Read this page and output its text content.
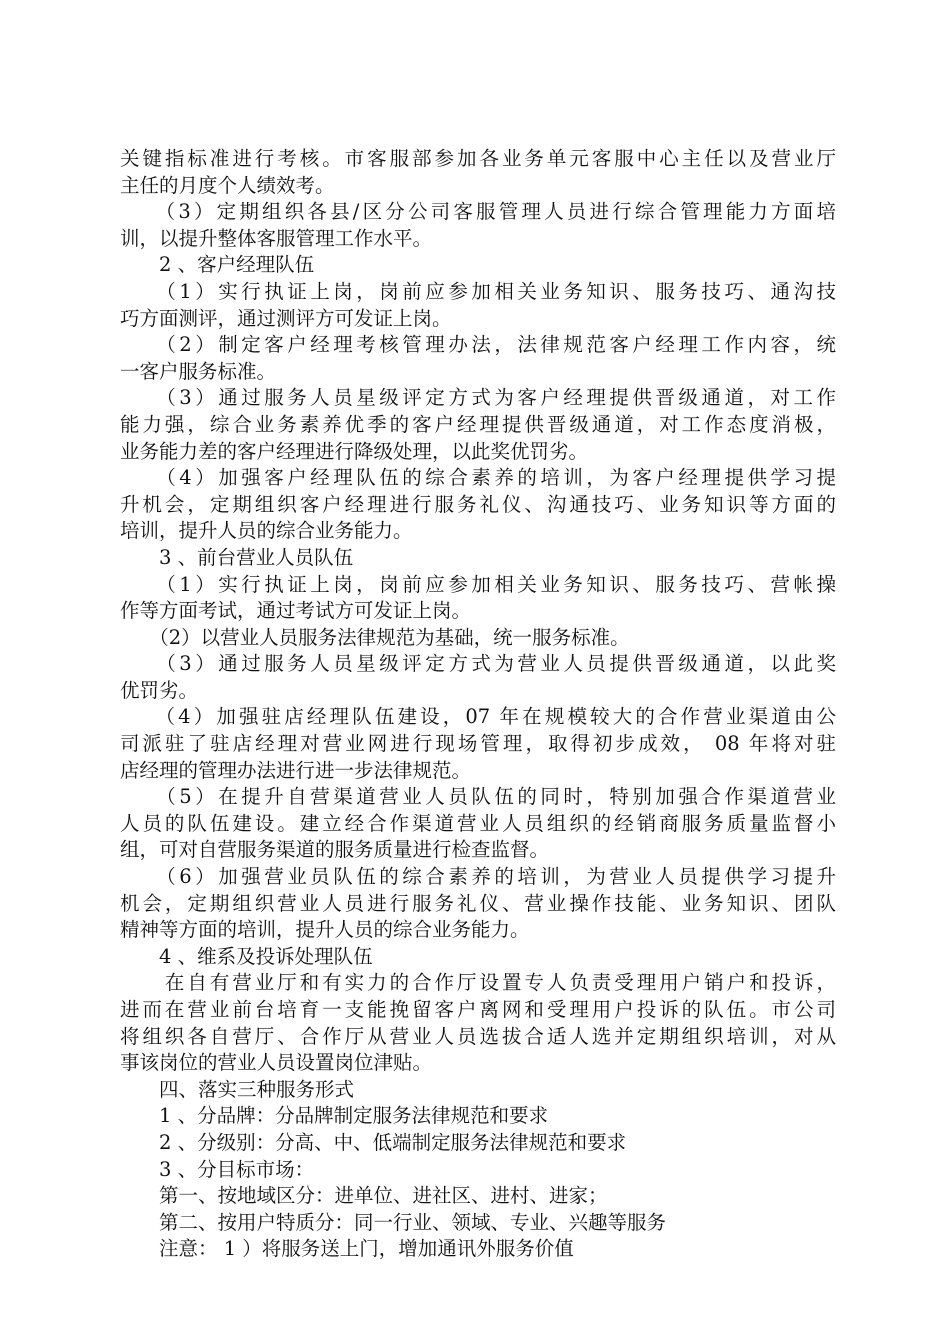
关键指标准进行考核。市客服部参加各业务单元客服中心主任以及营业厅
主任的月度个人绩效考。
　　（3）定期组织各县/区分公司客服管理人员进行综合管理能力方面培
训，以提升整体客服管理工作水平。
　　2 、客户经理队伍
　　（1）实行执证上岗，岗前应参加相关业务知识、服务技巧、通沟技
巧方面测评，通过测评方可发证上岗。
　　（2）制定客户经理考核管理办法，法律规范客户经理工作内容，统
一客户服务标准。
　　（3）通过服务人员星级评定方式为客户经理提供晋级通道，对工作
能力强，综合业务素养优季的客户经理提供晋级通道，对工作态度消极，
业务能力差的客户经理进行降级处理，以此奖优罚劣。
　　（4）加强客户经理队伍的综合素养的培训，为客户经理提供学习提
升机会，定期组织客户经理进行服务礼仪、沟通技巧、业务知识等方面的
培训，提升人员的综合业务能力。
　　3 、前台营业人员队伍
　　（1）实行执证上岗，岗前应参加相关业务知识、服务技巧、营帐操
作等方面考试，通过考试方可发证上岗。
　　（2）以营业人员服务法律规范为基础，统一服务标准。
　　（3）通过服务人员星级评定方式为营业人员提供晋级通道，以此奖
优罚劣。
　　（4）加强驻店经理队伍建设，07 年在规模较大的合作营业渠道由公
司派驻了驻店经理对营业网进行现场管理，取得初步成效， 08 年将对驻
店经理的管理办法进行进一步法律规范。
　　（5）在提升自营渠道营业人员队伍的同时，特别加强合作渠道营业
人员的队伍建设。建立经合作渠道营业人员组织的经销商服务质量监督小
组，可对自营服务渠道的服务质量进行检查监督。
　　（6）加强营业员队伍的综合素养的培训，为营业人员提供学习提升
机会，定期组织营业人员进行服务礼仪、营业操作技能、业务知识、团队
精神等方面的培训，提升人员的综合业务能力。
　　4 、维系及投诉处理队伍
　　在自有营业厅和有实力的合作厅设置专人负责受理用户销户和投诉，
进而在营业前台培育一支能挽留客户离网和受理用户投诉的队伍。市公司
将组织各自营厅、合作厅从营业人员选拔合适人选并定期组织培训，对从
事该岗位的营业人员设置岗位津贴。
　　四、落实三种服务形式
　　1 、分品牌：分品牌制定服务法律规范和要求
　　2 、分级别：分高、中、低端制定服务法律规范和要求
　　3 、分目标市场：
　　第一、按地域区分：进单位、进社区、进村、进家；
　　第二、按用户特质分：同一行业、领域、专业、兴趣等服务
　　注意： 1 ）将服务送上门，增加通讯外服务价值
